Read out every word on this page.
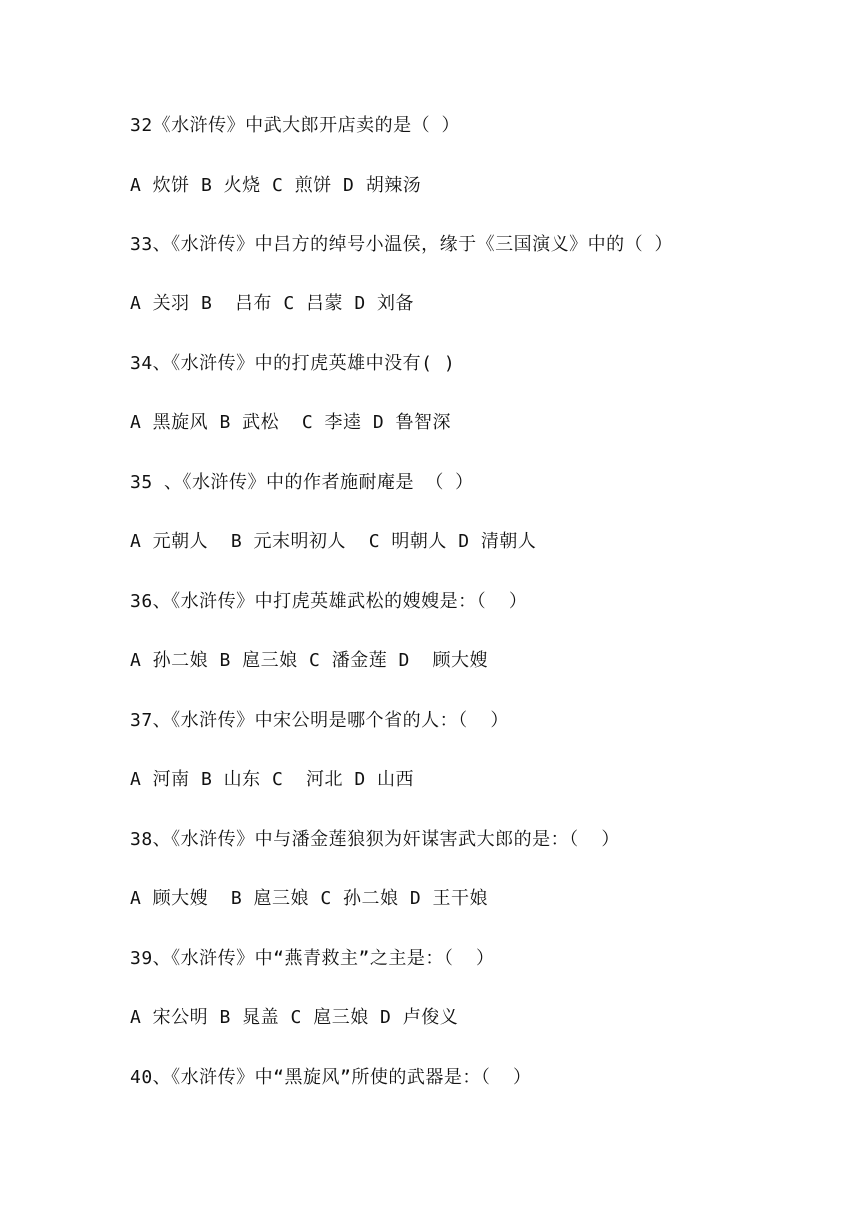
32《水浒传》中武大郎开店卖的是（ ）
A 炊饼 B 火烧 C 煎饼 D 胡辣汤
33、《水浒传》中吕方的绰号小温侯，缘于《三国演义》中的（ ）
A 关羽 B  吕布 C 吕蒙 D 刘备
34、《水浒传》中的打虎英雄中没有( )
A 黑旋风 B 武松  C 李逵 D 鲁智深
35 、《水浒传》中的作者施耐庵是 （ ）
A 元朝人  B 元末明初人  C 明朝人 D 清朝人
36、《水浒传》中打虎英雄武松的嫂嫂是：（  ）
A 孙二娘 B 扈三娘 C 潘金莲 D  顾大嫂
37、《水浒传》中宋公明是哪个省的人：（  ）
A 河南 B 山东 C  河北 D 山西
38、《水浒传》中与潘金莲狼狈为奸谋害武大郎的是：（  ）
A 顾大嫂  B 扈三娘 C 孙二娘 D 王干娘
39、《水浒传》中“燕青救主”之主是：（  ）
A 宋公明 B 晁盖 C 扈三娘 D 卢俊义
40、《水浒传》中“黑旋风”所使的武器是：（  ）
